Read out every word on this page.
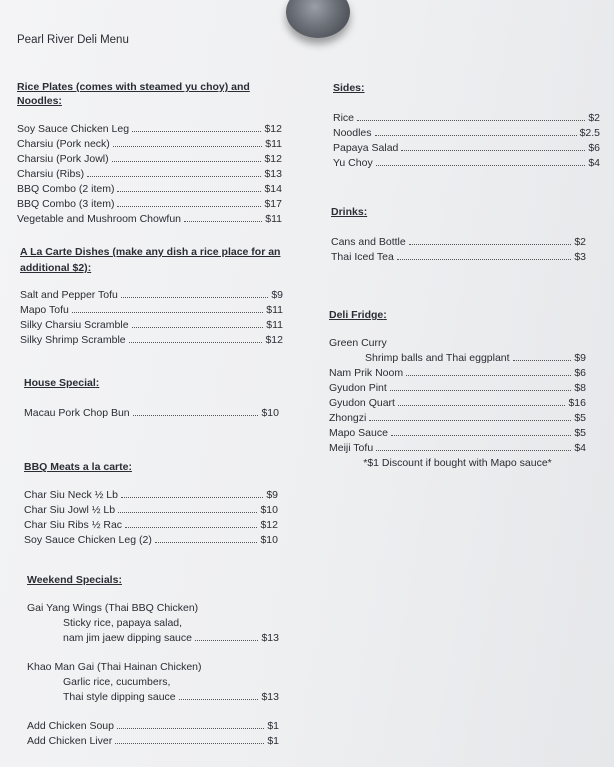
Pearl River Deli Menu
Rice Plates (comes with steamed yu choy) and Noodles:
Soy Sauce Chicken Leg	$12
Charsiu (Pork neck)	$11
Charsiu (Pork Jowl)	$12
Charsiu (Ribs)	$13
BBQ Combo (2 item)	$14
BBQ Combo (3 item)	$17
Vegetable and Mushroom Chowfun	$11
A La Carte Dishes (make any dish a rice place for an
additional $2):
Salt and Pepper Tofu	$9
Mapo Tofu	$11
Silky Charsiu Scramble	$11
Silky Shrimp Scramble	$12
House Special:
Macau Pork Chop Bun	$10
BBQ Meats a la carte:
Char Siu Neck ½ Lb	$9
Char Siu Jowl ½ Lb	$10
Char Siu Ribs ½ Rac	$12
Soy Sauce Chicken Leg (2)	$10
Weekend Specials:
Gai Yang Wings (Thai BBQ Chicken)
Sticky rice, papaya salad,
nam jim jaew dipping sauce	$13
Khao Man Gai (Thai Hainan Chicken)
Garlic rice, cucumbers,
Thai style dipping sauce	$13
Add Chicken Soup	$1
Add Chicken Liver	$1
Sides:
Rice	$2
Noodles	$2.5
Papaya Salad	$6
Yu Choy	$4
Drinks:
Cans and Bottle	$2
Thai Iced Tea	$3
Deli Fridge:
Green Curry
Shrimp balls and Thai eggplant	$9
Nam Prik Noom	$6
Gyudon Pint	$8
Gyudon Quart	$16
Zhongzi	$5
Mapo Sauce	$5
Meiji Tofu	$4
*$1 Discount if bought with Mapo sauce*
